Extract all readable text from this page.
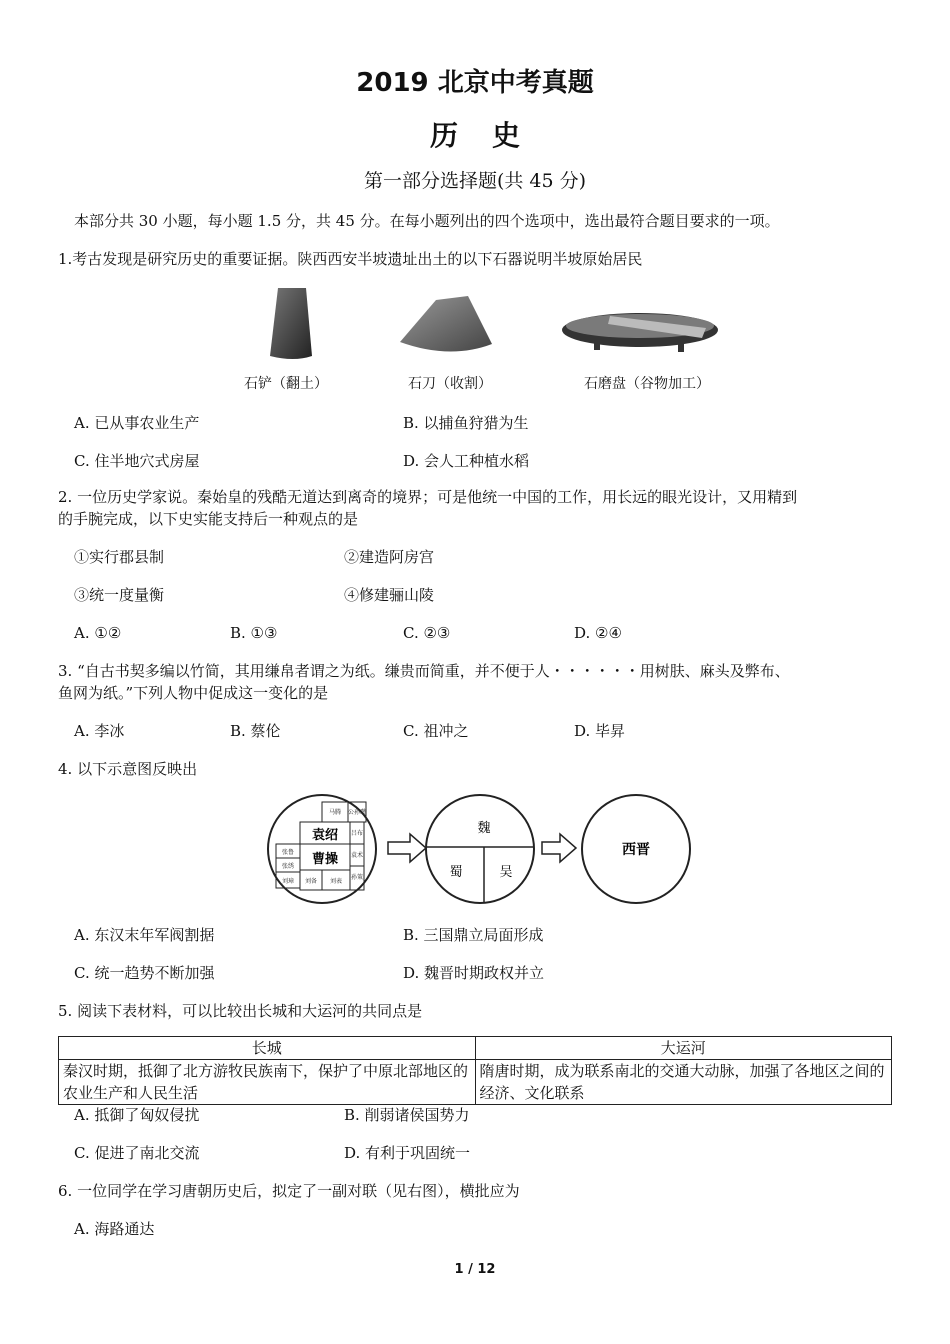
2019 北京中考真题
历史
第一部分选择题(共 45 分)
本部分共 30 小题，每小题 1.5 分，共 45 分。在每小题列出的四个选项中，选出最符合题目要求的一项。
1.考古发现是研究历史的重要证据。陕西西安半坡遗址出土的以下石器说明半坡原始居民
石铲（翻土）	石刀（收割）	石磨盘（谷物加工）
A. 已从事农业生产	B. 以捕鱼狩猎为生
C. 住半地穴式房屋	D. 会人工种植水稻
2. 一位历史学家说。秦始皇的残酷无道达到离奇的境界；可是他统一中国的工作，用长远的眼光设计，又用精到
的手腕完成，以下史实能支持后一种观点的是
①实行郡县制	②建造阿房宫
③统一度量衡	④修建骊山陵
A. ①②	B. ①③	C. ②③	D. ②④
3. “自古书契多编以竹简，其用缣帛者谓之为纸。缣贵而简重，并不便于人・・・・・・用树肤、麻头及弊布、
鱼网为纸。”下列人物中促成这一变化的是
A. 李冰	B. 蔡伦	C. 祖冲之	D. 毕昇
4. 以下示意图反映出
袁绍
曹操
公孙瓒
马腾
刘表
孙策
张鲁
刘璋 刘备
吕布
张绣
袁术
魏
蜀	吴
西晋
A. 东汉末年军阀割据	B. 三国鼎立局面形成
C. 统一趋势不断加强	D. 魏晋时期政权并立
5. 阅读下表材料，可以比较出长城和大运河的共同点是
长城	大运河
秦汉时期，抵御了北方游牧民族南下，保护了中原北部地区的农业生产和人民生活	隋唐时期，成为联系南北的交通大动脉，加强了各地区之间的经济、文化联系
A. 抵御了匈奴侵扰	B. 削弱诸侯国势力
C. 促进了南北交流	D. 有利于巩固统一
6. 一位同学在学习唐朝历史后，拟定了一副对联（见右图），横批应为
A. 海路通达
1 / 12
